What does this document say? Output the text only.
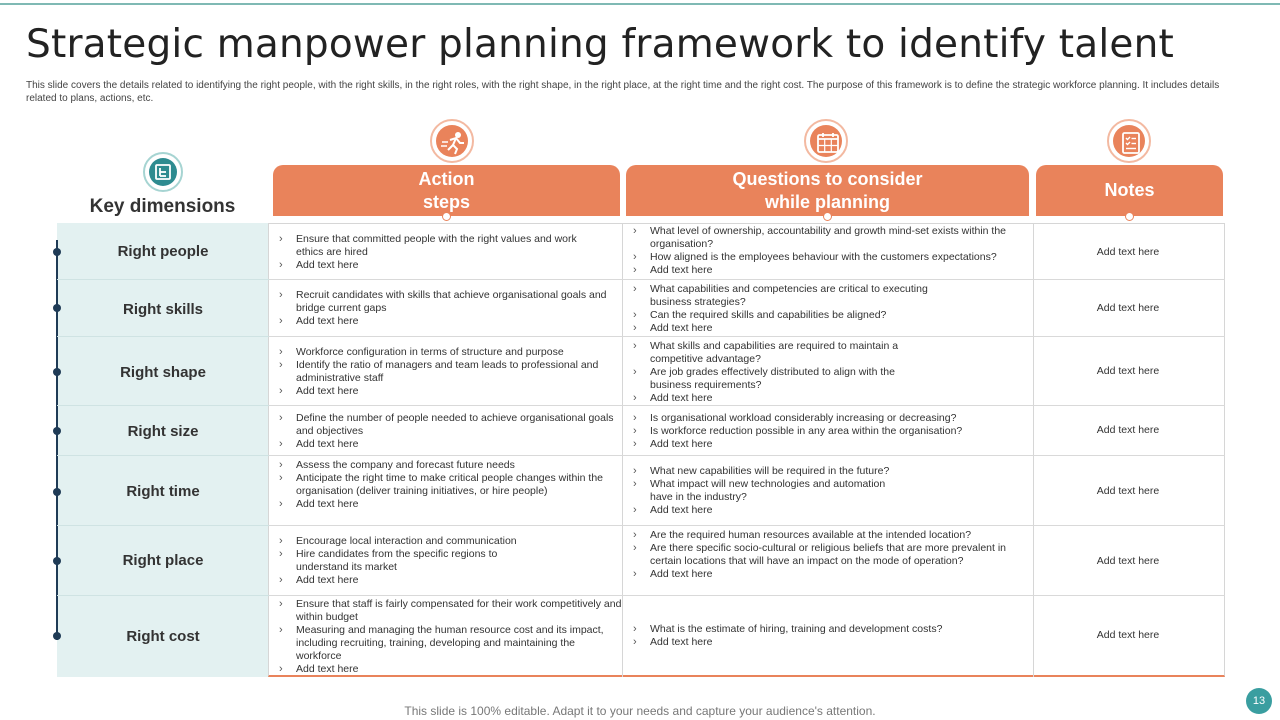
Strategic manpower planning framework to identify talent

This slide covers the details related to identifying the right people, with the right skills, in the right roles, with the right shape, in the right place, at the right time and the right cost. The purpose of this framework is to define the strategic workforce planning. It includes details related to plans, actions, etc.

Key dimensions
Action
steps
Questions to consider
while planning
Notes
Right people
› Ensure that committed people with the right values and work ethics are hired
› Add text here
› What level of ownership, accountability and growth mind-set exists within the organisation?
› How aligned is the employees behaviour with the customers expectations?
› Add text here
Add text here
Right skills
› Recruit candidates with skills that achieve organisational goals and bridge current gaps
› Add text here
› What capabilities and competencies are critical to executing business strategies?
› Can the required skills and capabilities be aligned?
› Add text here
Add text here
Right shape
› Workforce configuration in terms of structure and purpose
› Identify the ratio of managers and team leads to professional and administrative staff
› Add text here
› What skills and capabilities are required to maintain a competitive advantage?
› Are job grades effectively distributed to align with the business requirements?
› Add text here
Add text here
Right size
› Define the number of people needed to achieve organisational goals and objectives
› Add text here
› Is organisational workload considerably increasing or decreasing?
› Is workforce reduction possible in any area within the organisation?
› Add text here
Add text here
Right time
› Assess the company and forecast future needs
› Anticipate the right time to make critical people changes within the organisation (deliver training initiatives, or hire people)
› Add text here
› What new capabilities will be required in the future?
› What impact will new technologies and automation have in the industry?
› Add text here
Add text here
Right place
› Encourage local interaction and communication
› Hire candidates from the specific regions to understand its market
› Add text here
› Are the required human resources available at the intended location?
› Are there specific socio-cultural or religious beliefs that are more prevalent in certain locations that will have an impact on the mode of operation?
› Add text here
Add text here
Right cost
› Ensure that staff is fairly compensated for their work competitively and within budget
› Measuring and managing the human resource cost and its impact, including recruiting, training, developing and maintaining the workforce
› Add text here
› What is the estimate of hiring, training and development costs?
› Add text here
Add text here
This slide is 100% editable. Adapt it to your needs and capture your audience's attention.
13
